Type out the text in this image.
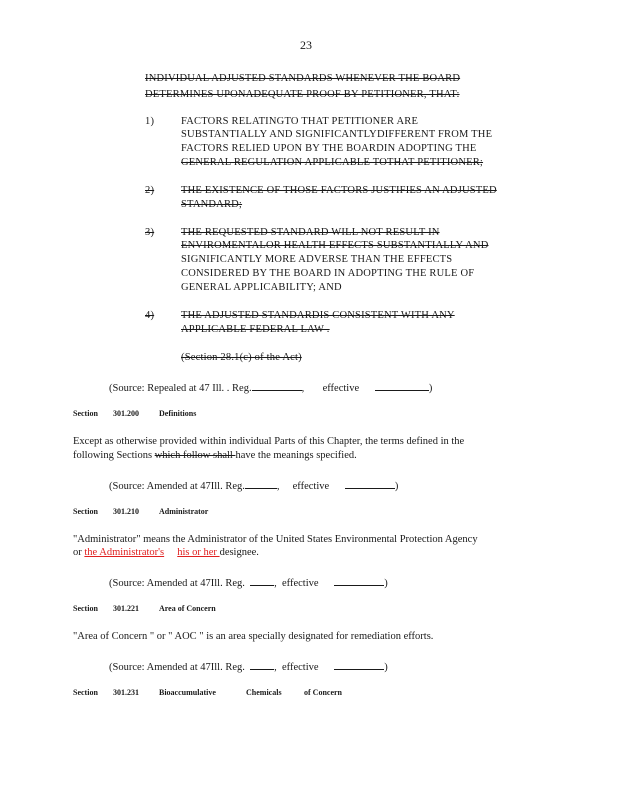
23
INDIVIDUAL ADJUSTED STANDARDS WHENEVER THE BOARD
DETERMINES UPONADEQUATE PROOF BY PETITIONER, THAT:
1)	FACTORS RELATINGTO THAT PETITIONER ARE
SUBSTANTIALLY AND SIGNIFICANTLYDIFFERENT FROM THE
FACTORS RELIED UPON BY THE BOARDIN ADOPTING THE
GENERAL REGULATION APPLICABLE TOTHAT PETITIONER;
2)	THE EXISTENCE OF THOSE FACTORS JUSTIFIES AN ADJUSTED
STANDARD;
3)	THE REQUESTED STANDARD WILL NOT RESULT IN
ENVIROMENTALOR HEALTH EFFECTS SUBSTANTIALLY AND
SIGNIFICANTLY MORE ADVERSE THAN THE EFFECTS
CONSIDERED BY THE BOARD IN ADOPTING THE RULE OF
GENERAL APPLICABILITY; AND
4)	THE ADJUSTED STANDARDIS CONSISTENT WITH ANY
APPLICABLE FEDERAL LAW .
(Section 28.1(c) of the Act)
(Source: Repealed at 47 Ill. . Reg.	, effective	)
Section 301.200	Definitions
Except as otherwise provided within individual Parts of this Chapter, the terms defined in the
following Sections which follow shall have the meanings specified.
(Source: Amended at 47Ill. Reg.	, effective	)
Section 301.210	Administrator
"Administrator" means the Administrator of the United States Environmental Protection Agency
or the Administrator's his or her designee.
(Source: Amended at 47Ill. Reg.	, effective	)
Section 301.221	Area of Concern
"Area of Concern " or " AOC " is an area specially designated for remediation efforts.
(Source: Amended at 47Ill. Reg.	, effective	)
Section 301.231	Bioaccumulative	Chemicals	of Concern
